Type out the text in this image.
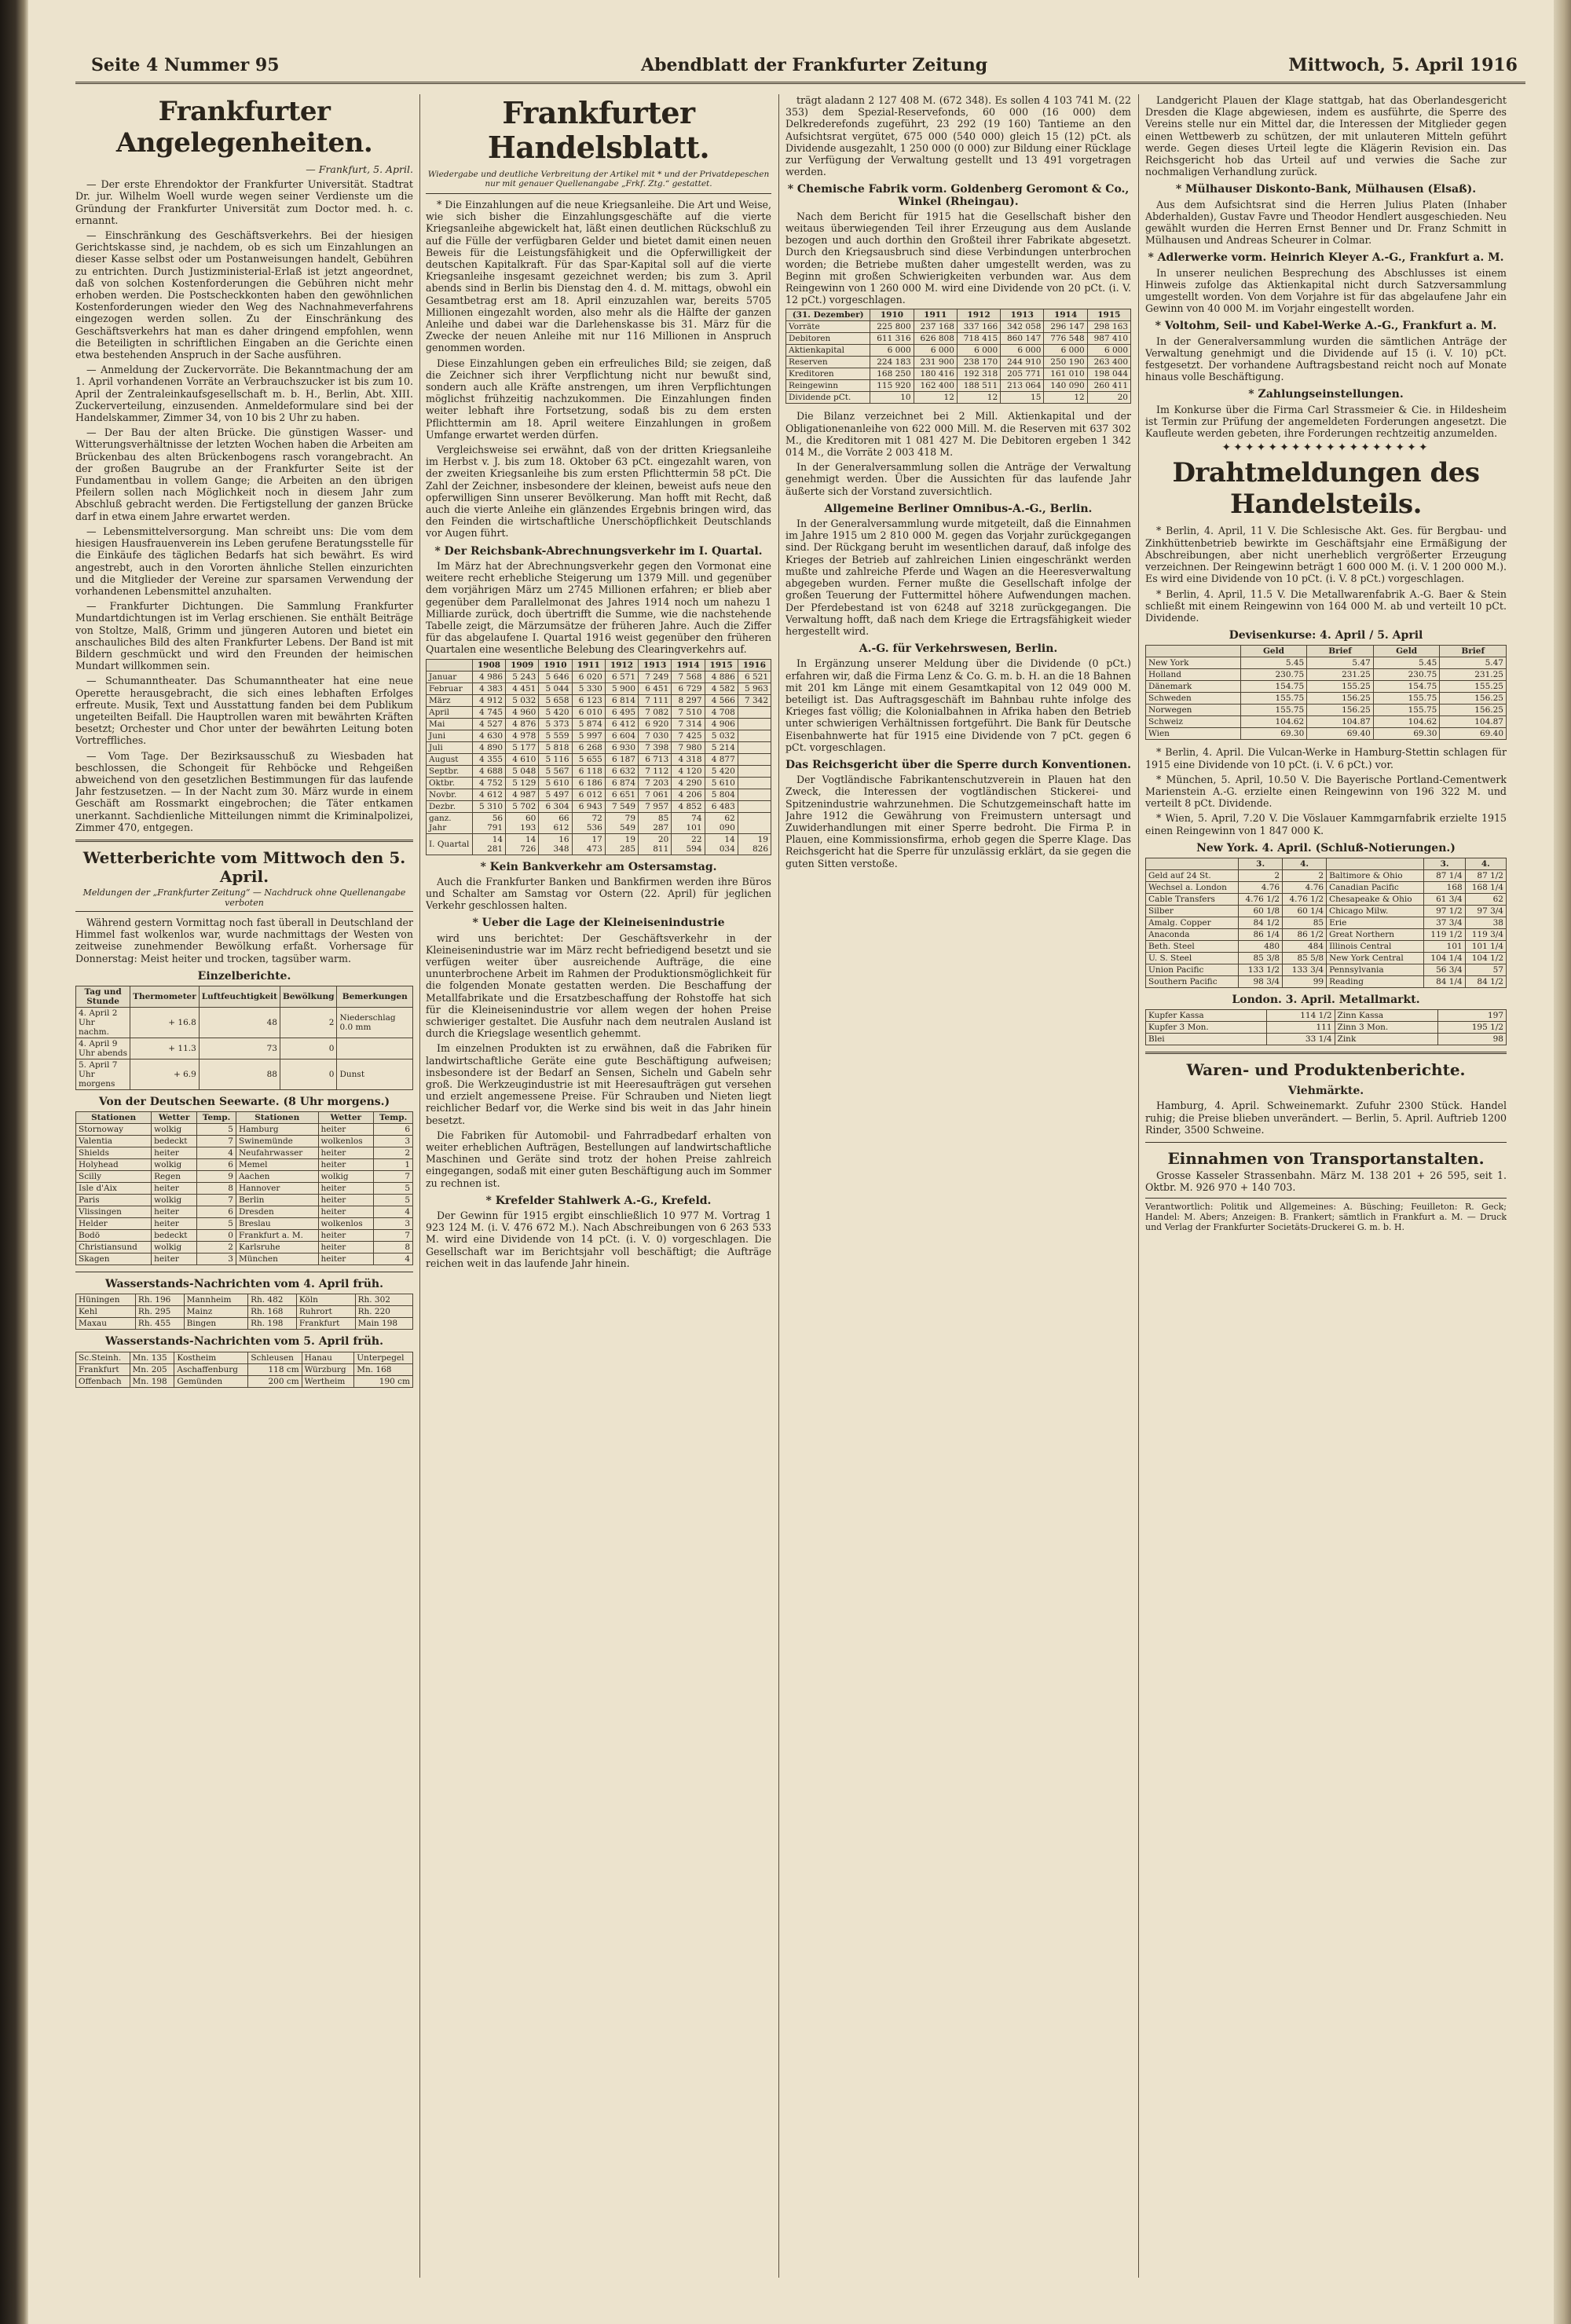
Seite 4 Nummer 95	Abendblatt der Frankfurter Zeitung	Mittwoch, 5. April 1916
Frankfurter Angelegenheiten.
— Frankfurt, 5. April.

— Der erste Ehrendoktor der Frankfurter Universität. Stadtrat Dr. jur. Wilhelm Woell wurde wegen seiner Verdienste um die Gründung der Frankfurter Universität zum Doctor med. h. c. ernannt.

— Einschränkung des Geschäftsverkehrs. Bei der hiesigen Gerichtskasse sind, je nachdem, ob es sich um Einzahlungen an dieser Kasse selbst oder um Postanweisungen handelt, Gebühren zu entrichten. Durch Justizministerial-Erlaß ist jetzt angeordnet, daß von solchen Kostenforderungen die Gebühren nicht mehr erhoben werden. Die Postscheckkonten haben den gewöhnlichen Kostenforderungen wieder den Weg des Nachnahmeverfahrens eingezogen werden sollen. Zu der Einschränkung des Geschäftsverkehrs hat man es daher dringend empfohlen, wenn die Beteiligten in schriftlichen Eingaben an die Gerichte einen etwa bestehenden Anspruch in der Sache ausführen.

— Anmeldung der Zuckervorräte. Die Bekanntmachung der am 1. April vorhandenen Vorräte an Verbrauchszucker ist bis zum 10. April der Zentraleinkaufsgesellschaft m. b. H., Berlin, Abt. XIII. Zuckerverteilung, einzusenden. Anmeldeformulare sind bei der Handelskammer, Zimmer 34, von 10 bis 2 Uhr zu haben.

— Der Bau der alten Brücke. Die günstigen Wasser- und Witterungsverhältnisse der letzten Wochen haben die Arbeiten am Brückenbau des alten Brückenbogens rasch vorangebracht. An der großen Baugrube an der Frankfurter Seite ist der Fundamentbau in vollem Gange; die Arbeiten an den übrigen Pfeilern sollen nach Möglichkeit noch in diesem Jahr zum Abschluß gebracht werden. Die Fertigstellung der ganzen Brücke darf in etwa einem Jahre erwartet werden.

— Lebensmittelversorgung. Man schreibt uns: Die vom dem hiesigen Hausfrauenverein ins Leben gerufene Beratungsstelle für die Einkäufe des täglichen Bedarfs hat sich bewährt. Es wird angestrebt, auch in den Vororten ähnliche Stellen einzurichten und die Mitglieder der Vereine zur sparsamen Verwendung der vorhandenen Lebensmittel anzuhalten.

— Frankfurter Dichtungen. Die Sammlung Frankfurter Mundartdichtungen ist im Verlag erschienen. Sie enthält Beiträge von Stoltze, Malß, Grimm und jüngeren Autoren und bietet ein anschauliches Bild des alten Frankfurter Lebens. Der Band ist mit Bildern geschmückt und wird den Freunden der heimischen Mundart willkommen sein.

— Schumanntheater. Das Schumanntheater hat eine neue Operette herausgebracht, die sich eines lebhaften Erfolges erfreute. Musik, Text und Ausstattung fanden bei dem Publikum ungeteilten Beifall. Die Hauptrollen waren mit bewährten Kräften besetzt; Orchester und Chor unter der bewährten Leitung boten Vortreffliches.

— Vom Tage. Der Bezirksausschuß zu Wiesbaden hat beschlossen, die Schongeit für Rehböcke und Rehgeißen abweichend von den gesetzlichen Bestimmungen für das laufende Jahr festzusetzen. — In der Nacht zum 30. März wurde in einem Geschäft am Rossmarkt eingebrochen; die Täter entkamen unerkannt. Sachdienliche Mitteilungen nimmt die Kriminalpolizei, Zimmer 470, entgegen.

Wetterberichte vom Mittwoch den 5. April.
Meldungen der „Frankfurter Zeitung“ — Nachdruck ohne Quellenangabe verboten

Während gestern Vormittag noch fast überall in Deutschland der Himmel fast wolkenlos war, wurde nachmittags der Westen von zeitweise zunehmender Bewölkung erfaßt. Vorhersage für Donnerstag: Meist heiter und trocken, tagsüber warm.

Einzelberichte.
Tag und Stunde	Thermometer	Luftfeuchtigkeit	Bewölkung	Bemerkungen
4. April 2 Uhr nachm.	+ 16.8	48	2	Niederschlag 0.0 mm
4. April 9 Uhr abends	+ 11.3	73	0	
5. April 7 Uhr morgens	+ 6.9	88	0	Dunst
Von der Deutschen Seewarte. (8 Uhr morgens.)
Stationen	Wetter	Temp.	Stationen	Wetter	Temp.
Stornoway	wolkig	5	Hamburg	heiter	6
Valentia	bedeckt	7	Swinemünde	wolkenlos	3
Shields	heiter	4	Neufahrwasser	heiter	2
Holyhead	wolkig	6	Memel	heiter	1
Scilly	Regen	9	Aachen	wolkig	7
Isle d'Aix	heiter	8	Hannover	heiter	5
Paris	wolkig	7	Berlin	heiter	5
Vlissingen	heiter	6	Dresden	heiter	4
Helder	heiter	5	Breslau	wolkenlos	3
Bodö	bedeckt	0	Frankfurt a. M.	heiter	7
Christiansund	wolkig	2	Karlsruhe	heiter	8
Skagen	heiter	3	München	heiter	4
Wasserstands-Nachrichten vom 4. April früh.
Hüningen	Rh. 196	Mannheim	Rh. 482	Köln	Rh. 302
Kehl	Rh. 295	Mainz	Rh. 168	Ruhrort	Rh. 220
Maxau	Rh. 455	Bingen	Rh. 198	Frankfurt	Main 198
Wasserstands-Nachrichten vom 5. April früh.
Sc.Steinh.	Mn. 135	Kostheim	Schleusen	Hanau	Unterpegel
Frankfurt	Mn. 205	Aschaffenburg	118 cm	Würzburg	Mn. 168
Offenbach	Mn. 198	Gemünden	200 cm	Wertheim	190 cm
Frankfurter Handelsblatt.
Wiedergabe und deutliche Verbreitung der Artikel mit * und der Privatdepeschen nur mit genauer Quellenangabe „Frkf. Ztg.“ gestattet.

* Die Einzahlungen auf die neue Kriegsanleihe. Die Art und Weise, wie sich bisher die Einzahlungsgeschäfte auf die vierte Kriegsanleihe abgewickelt hat, läßt einen deutlichen Rückschluß zu auf die Fülle der verfügbaren Gelder und bietet damit einen neuen Beweis für die Leistungsfähigkeit und die Opferwilligkeit der deutschen Kapitalkraft. Für das Spar-Kapital soll auf die vierte Kriegsanleihe insgesamt gezeichnet werden; bis zum 3. April abends sind in Berlin bis Dienstag den 4. d. M. mittags, obwohl ein Gesamtbetrag erst am 18. April einzuzahlen war, bereits 5705 Millionen eingezahlt worden, also mehr als die Hälfte der ganzen Anleihe und dabei war die Darlehenskasse bis 31. März für die Zwecke der neuen Anleihe mit nur 116 Millionen in Anspruch genommen worden.

Diese Einzahlungen geben ein erfreuliches Bild; sie zeigen, daß die Zeichner sich ihrer Verpflichtung nicht nur bewußt sind, sondern auch alle Kräfte anstrengen, um ihren Verpflichtungen möglichst frühzeitig nachzukommen. Die Einzahlungen finden weiter lebhaft ihre Fortsetzung, sodaß bis zu dem ersten Pflichttermin am 18. April weitere Einzahlungen in großem Umfange erwartet werden dürfen.

Vergleichsweise sei erwähnt, daß von der dritten Kriegsanleihe im Herbst v. J. bis zum 18. Oktober 63 pCt. eingezahlt waren, von der zweiten Kriegsanleihe bis zum ersten Pflichttermin 58 pCt. Die Zahl der Zeichner, insbesondere der kleinen, beweist aufs neue den opferwilligen Sinn unserer Bevölkerung. Man hofft mit Recht, daß auch die vierte Anleihe ein glänzendes Ergebnis bringen wird, das den Feinden die wirtschaftliche Unerschöpflichkeit Deutschlands vor Augen führt.

* Der Reichsbank-Abrechnungsverkehr im I. Quartal.

Im März hat der Abrechnungsverkehr gegen den Vormonat eine weitere recht erhebliche Steigerung um 1379 Mill. und gegenüber dem vorjährigen März um 2745 Millionen erfahren; er blieb aber gegenüber dem Parallelmonat des Jahres 1914 noch um nahezu 1 Milliarde zurück, doch übertrifft die Summe, wie die nachstehende Tabelle zeigt, die Märzumsätze der früheren Jahre. Auch die Ziffer für das abgelaufene I. Quartal 1916 weist gegenüber den früheren Quartalen eine wesentliche Belebung des Clearingverkehrs auf.

	1908	1909	1910	1911	1912	1913	1914	1915	1916
Januar	4 986	5 243	5 646	6 020	6 571	7 249	7 568	4 886	6 521
Februar	4 383	4 451	5 044	5 330	5 900	6 451	6 729	4 582	5 963
März	4 912	5 032	5 658	6 123	6 814	7 111	8 297	4 566	7 342
April	4 745	4 960	5 420	6 010	6 495	7 082	7 510	4 708	
Mai	4 527	4 876	5 373	5 874	6 412	6 920	7 314	4 906	
Juni	4 630	4 978	5 559	5 997	6 604	7 030	7 425	5 032	
Juli	4 890	5 177	5 818	6 268	6 930	7 398	7 980	5 214	
August	4 355	4 610	5 116	5 655	6 187	6 713	4 318	4 877	
Septbr.	4 688	5 048	5 567	6 118	6 632	7 112	4 120	5 420	
Oktbr.	4 752	5 129	5 610	6 186	6 874	7 203	4 290	5 610	
Novbr.	4 612	4 987	5 497	6 012	6 651	7 061	4 206	5 804	
Dezbr.	5 310	5 702	6 304	6 943	7 549	7 957	4 852	6 483	
ganz. Jahr	56 791	60 193	66 612	72 536	79 549	85 287	74 101	62 090	
I. Quartal	14 281	14 726	16 348	17 473	19 285	20 811	22 594	14 034	19 826
* Kein Bankverkehr am Ostersamstag.

Auch die Frankfurter Banken und Bankfirmen werden ihre Büros und Schalter am Samstag vor Ostern (22. April) für jeglichen Verkehr geschlossen halten.

* Ueber die Lage der Kleineisenindustrie

wird uns berichtet: Der Geschäftsverkehr in der Kleineisenindustrie war im März recht befriedigend besetzt und sie verfügen weiter über ausreichende Aufträge, die eine ununterbrochene Arbeit im Rahmen der Produktionsmöglichkeit für die folgenden Monate gestatten werden. Die Beschaffung der Metallfabrikate und die Ersatzbeschaffung der Rohstoffe hat sich für die Kleineisenindustrie vor allem wegen der hohen Preise schwieriger gestaltet. Die Ausfuhr nach dem neutralen Ausland ist durch die Kriegslage wesentlich gehemmt.

Im einzelnen Produkten ist zu erwähnen, daß die Fabriken für landwirtschaftliche Geräte eine gute Beschäftigung aufweisen; insbesondere ist der Bedarf an Sensen, Sicheln und Gabeln sehr groß. Die Werkzeugindustrie ist mit Heeresaufträgen gut versehen und erzielt angemessene Preise. Für Schrauben und Nieten liegt reichlicher Bedarf vor, die Werke sind bis weit in das Jahr hinein besetzt.

Die Fabriken für Automobil- und Fahrradbedarf erhalten von weiter erheblichen Aufträgen, Bestellungen auf landwirtschaftliche Maschinen und Geräte sind trotz der hohen Preise zahlreich eingegangen, sodaß mit einer guten Beschäftigung auch im Sommer zu rechnen ist.

* Krefelder Stahlwerk A.-G., Krefeld.

Der Gewinn für 1915 ergibt einschließlich 10 977 M. Vortrag 1 923 124 M. (i. V. 476 672 M.). Nach Abschreibungen von 6 263 533 M. wird eine Dividende von 14 pCt. (i. V. 0) vorgeschlagen. Die Gesellschaft war im Berichtsjahr voll beschäftigt; die Aufträge reichen weit in das laufende Jahr hinein.

trägt aladann 2 127 408 M. (672 348). Es sollen 4 103 741 M. (22 353) dem Spezial-Reservefonds, 60 000 (16 000) dem Delkrederefonds zugeführt, 23 292 (19 160) Tantieme an den Aufsichtsrat vergütet, 675 000 (540 000) gleich 15 (12) pCt. als Dividende ausgezahlt, 1 250 000 (0 000) zur Bildung einer Rücklage zur Verfügung der Verwaltung gestellt und 13 491 vorgetragen werden.

* Chemische Fabrik vorm. Goldenberg Geromont & Co., Winkel (Rheingau).

Nach dem Bericht für 1915 hat die Gesellschaft bisher den weitaus überwiegenden Teil ihrer Erzeugung aus dem Auslande bezogen und auch dorthin den Großteil ihrer Fabrikate abgesetzt. Durch den Kriegsausbruch sind diese Verbindungen unterbrochen worden; die Betriebe mußten daher umgestellt werden, was zu Beginn mit großen Schwierigkeiten verbunden war. Aus dem Reingewinn von 1 260 000 M. wird eine Dividende von 20 pCt. (i. V. 12 pCt.) vorgeschlagen.

(31. Dezember)	1910	1911	1912	1913	1914	1915
Vorräte	225 800	237 168	337 166	342 058	296 147	298 163
Debitoren	611 316	626 808	718 415	860 147	776 548	987 410
Aktienkapital	6 000	6 000	6 000	6 000	6 000	6 000
Reserven	224 183	231 900	238 170	244 910	250 190	263 400
Kreditoren	168 250	180 416	192 318	205 771	161 010	198 044
Reingewinn	115 920	162 400	188 511	213 064	140 090	260 411
Dividende pCt.	10	12	12	15	12	20

Die Bilanz verzeichnet bei 2 Mill. Aktienkapital und der Obligationenanleihe von 622 000 Mill. M. die Reserven mit 637 302 M., die Kreditoren mit 1 081 427 M. Die Debitoren ergeben 1 342 014 M., die Vorräte 2 003 418 M.

In der Generalversammlung sollen die Anträge der Verwaltung genehmigt werden. Über die Aussichten für das laufende Jahr äußerte sich der Vorstand zuversichtlich.

Allgemeine Berliner Omnibus-A.-G., Berlin.

In der Generalversammlung wurde mitgeteilt, daß die Einnahmen im Jahre 1915 um 2 810 000 M. gegen das Vorjahr zurückgegangen sind. Der Rückgang beruht im wesentlichen darauf, daß infolge des Krieges der Betrieb auf zahlreichen Linien eingeschränkt werden mußte und zahlreiche Pferde und Wagen an die Heeresverwaltung abgegeben wurden. Ferner mußte die Gesellschaft infolge der großen Teuerung der Futtermittel höhere Aufwendungen machen. Der Pferdebestand ist von 6248 auf 3218 zurückgegangen. Die Verwaltung hofft, daß nach dem Kriege die Ertragsfähigkeit wieder hergestellt wird.

A.-G. für Verkehrswesen, Berlin.

In Ergänzung unserer Meldung über die Dividende (0 pCt.) erfahren wir, daß die Firma Lenz & Co. G. m. b. H. an die 18 Bahnen mit 201 km Länge mit einem Gesamtkapital von 12 049 000 M. beteiligt ist. Das Auftragsgeschäft im Bahnbau ruhte infolge des Krieges fast völlig; die Kolonialbahnen in Afrika haben den Betrieb unter schwierigen Verhältnissen fortgeführt. Die Bank für Deutsche Eisenbahnwerte hat für 1915 eine Dividende von 7 pCt. gegen 6 pCt. vorgeschlagen.

Das Reichsgericht über die Sperre durch Konventionen.

Der Vogtländische Fabrikantenschutzverein in Plauen hat den Zweck, die Interessen der vogtländischen Stickerei- und Spitzenindustrie wahrzunehmen. Die Schutzgemeinschaft hatte im Jahre 1912 die Gewährung von Freimustern untersagt und Zuwiderhandlungen mit einer Sperre bedroht. Die Firma P. in Plauen, eine Kommissionsfirma, erhob gegen die Sperre Klage. Das Reichsgericht hat die Sperre für unzulässig erklärt, da sie gegen die guten Sitten verstoße.

Landgericht Plauen der Klage stattgab, hat das Oberlandesgericht Dresden die Klage abgewiesen, indem es ausführte, die Sperre des Vereins stelle nur ein Mittel dar, die Interessen der Mitglieder gegen einen Wettbewerb zu schützen, der mit unlauteren Mitteln geführt werde. Gegen dieses Urteil legte die Klägerin Revision ein. Das Reichsgericht hob das Urteil auf und verwies die Sache zur nochmaligen Verhandlung zurück.

* Mülhauser Diskonto-Bank, Mülhausen (Elsaß).

Aus dem Aufsichtsrat sind die Herren Julius Platen (Inhaber Abderhalden), Gustav Favre und Theodor Hendlert ausgeschieden. Neu gewählt wurden die Herren Ernst Benner und Dr. Franz Schmitt in Mülhausen und Andreas Scheurer in Colmar.

* Adlerwerke vorm. Heinrich Kleyer A.-G., Frankfurt a. M.

In unserer neulichen Besprechung des Abschlusses ist einem Hinweis zufolge das Aktienkapital nicht durch Satzversammlung umgestellt worden. Von dem Vorjahre ist für das abgelaufene Jahr ein Gewinn von 40 000 M. im Vorjahr eingestellt worden.

* Voltohm, Seil- und Kabel-Werke A.-G., Frankfurt a. M.

In der Generalversammlung wurden die sämtlichen Anträge der Verwaltung genehmigt und die Dividende auf 15 (i. V. 10) pCt. festgesetzt. Der vorhandene Auftragsbestand reicht noch auf Monate hinaus volle Beschäftigung.

* Zahlungseinstellungen.

Im Konkurse über die Firma Carl Strassmeier & Cie. in Hildesheim ist Termin zur Prüfung der angemeldeten Forderungen angesetzt. Die Kaufleute werden gebeten, ihre Forderungen rechtzeitig anzumelden.

✦✦✦✦✦✦✦✦✦✦✦✦✦✦✦✦✦✦
Drahtmeldungen des Handelsteils.

* Berlin, 4. April, 11 V. Die Schlesische Akt. Ges. für Bergbau- und Zinkhüttenbetrieb bewirkte im Geschäftsjahr eine Ermäßigung der Abschreibungen, aber nicht unerheblich vergrößerter Erzeugung verzeichnen. Der Reingewinn beträgt 1 600 000 M. (i. V. 1 200 000 M.). Es wird eine Dividende von 10 pCt. (i. V. 8 pCt.) vorgeschlagen.

* Berlin, 4. April, 11.5 V. Die Metallwarenfabrik A.-G. Baer & Stein schließt mit einem Reingewinn von 164 000 M. ab und verteilt 10 pCt. Dividende.

Devisenkurse: 4. April / 5. April
	Geld	Brief	Geld	Brief
New York	5.45	5.47	5.45	5.47
Holland	230.75	231.25	230.75	231.25
Dänemark	154.75	155.25	154.75	155.25
Schweden	155.75	156.25	155.75	156.25
Norwegen	155.75	156.25	155.75	156.25
Schweiz	104.62	104.87	104.62	104.87
Wien	69.30	69.40	69.30	69.40

* Berlin, 4. April. Die Vulcan-Werke in Hamburg-Stettin schlagen für 1915 eine Dividende von 10 pCt. (i. V. 6 pCt.) vor.

* München, 5. April, 10.50 V. Die Bayerische Portland-Cementwerk Marienstein A.-G. erzielte einen Reingewinn von 196 322 M. und verteilt 8 pCt. Dividende.

* Wien, 5. April, 7.20 V. Die Vöslauer Kammgarnfabrik erzielte 1915 einen Reingewinn von 1 847 000 K.

New York. 4. April. (Schluß-Notierungen.)
	3.	4.		3.	4.
Geld auf 24 St.	2	2	Baltimore & Ohio	87 1/4	87 1/2
Wechsel a. London	4.76	4.76	Canadian Pacific	168	168 1/4
Cable Transfers	4.76 1/2	4.76 1/2	Chesapeake & Ohio	61 3/4	62
Silber	60 1/8	60 1/4	Chicago Milw.	97 1/2	97 3/4
Amalg. Copper	84 1/2	85	Erie	37 3/4	38
Anaconda	86 1/4	86 1/2	Great Northern	119 1/2	119 3/4
Beth. Steel	480	484	Illinois Central	101	101 1/4
U. S. Steel	85 3/8	85 5/8	New York Central	104 1/4	104 1/2
Union Pacific	133 1/2	133 3/4	Pennsylvania	56 3/4	57
Southern Pacific	98 3/4	99	Reading	84 1/4	84 1/2
London. 3. April. Metallmarkt.
Kupfer Kassa	114 1/2	Zinn Kassa	197
Kupfer 3 Mon.	111	Zinn 3 Mon.	195 1/2
Blei	33 1/4	Zink	98
Waren- und Produktenberichte.
Viehmärkte.

Hamburg, 4. April. Schweinemarkt. Zufuhr 2300 Stück. Handel ruhig; die Preise blieben unverändert. — Berlin, 5. April. Auftrieb 1200 Rinder, 3500 Schweine.

Einnahmen von Transportanstalten.

Grosse Kasseler Strassenbahn. März M. 138 201 + 26 595, seit 1. Oktbr. M. 926 970 + 140 703.

Verantwortlich: Politik und Allgemeines: A. Büsching; Feuilleton: R. Geck; Handel: M. Abers; Anzeigen: B. Frankert; sämtlich in Frankfurt a. M. — Druck und Verlag der Frankfurter Societäts-Druckerei G. m. b. H.
